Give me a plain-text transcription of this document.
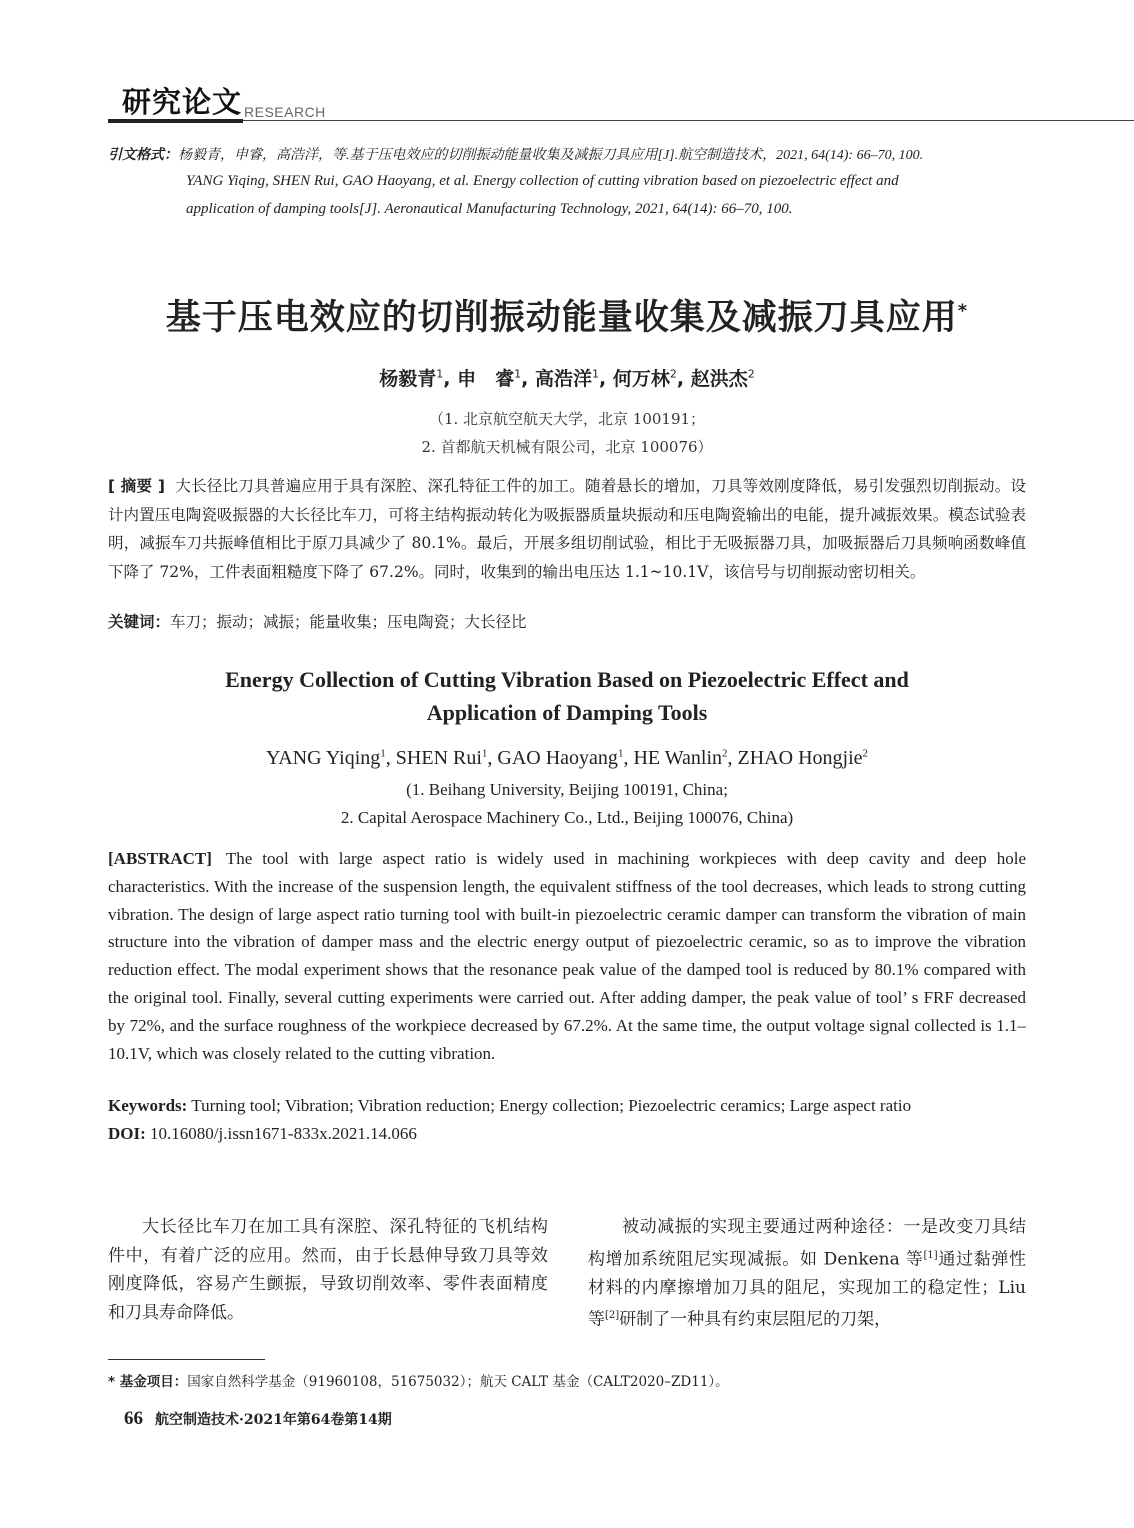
研究论文 RESEARCH
引文格式：杨毅青，申睿，高浩洋，等.基于压电效应的切削振动能量收集及减振刀具应用[J].航空制造技术，2021, 64(14): 66–70, 100.
YANG Yiqing, SHEN Rui, GAO Haoyang, et al. Energy collection of cutting vibration based on piezoelectric effect and
application of damping tools[J]. Aeronautical Manufacturing Technology, 2021, 64(14): 66–70, 100.
基于压电效应的切削振动能量收集及减振刀具应用*
杨毅青$^1$, 申　睿$^1$, 高浩洋$^1$, 何万林$^2$, 赵洪杰$^2$
（1. 北京航空航天大学，北京 100191；
2. 首都航天机械有限公司，北京 100076）
[ 摘要 ] 大长径比刀具普遍应用于具有深腔、深孔特征工件的加工。随着悬长的增加，刀具等效刚度降低，易引发强烈切削振动。设计内置压电陶瓷吸振器的大长径比车刀，可将主结构振动转化为吸振器质量块振动和压电陶瓷输出的电能，提升减振效果。模态试验表明，减振车刀共振峰值相比于原刀具减少了 80.1%。最后，开展多组切削试验，相比于无吸振器刀具，加吸振器后刀具频响函数峰值下降了 72%，工件表面粗糙度下降了 67.2%。同时，收集到的输出电压达 1.1~10.1V，该信号与切削振动密切相关。
关键词：车刀；振动；减振；能量收集；压电陶瓷；大长径比
Energy Collection of Cutting Vibration Based on Piezoelectric Effect and
Application of Damping Tools
YANG Yiqing$^1$, SHEN Rui$^1$, GAO Haoyang$^1$, HE Wanlin$^2$, ZHAO Hongjie$^2$
(1. Beihang University, Beijing 100191, China;
2. Capital Aerospace Machinery Co., Ltd., Beijing 100076, China)
[ABSTRACT] The tool with large aspect ratio is widely used in machining workpieces with deep cavity and deep hole characteristics. With the increase of the suspension length, the equivalent stiffness of the tool decreases, which leads to strong cutting vibration. The design of large aspect ratio turning tool with built-in piezoelectric ceramic damper can transform the vibration of main structure into the vibration of damper mass and the electric energy output of piezoelectric ceramic, so as to improve the vibration reduction effect. The modal experiment shows that the resonance peak value of the damped tool is reduced by 80.1% compared with the original tool. Finally, several cutting experiments were carried out. After adding damper, the peak value of tool’ s FRF decreased by 72%, and the surface roughness of the workpiece decreased by 67.2%. At the same time, the output voltage signal collected is 1.1–10.1V, which was closely related to the cutting vibration.
Keywords: Turning tool; Vibration; Vibration reduction; Energy collection; Piezoelectric ceramics; Large aspect ratio
DOI: 10.16080/j.issn1671-833x.2021.14.066
大长径比车刀在加工具有深腔、深孔特征的飞机结构件中，有着广泛的应用。然而，由于长悬伸导致刀具等效刚度降低，容易产生颤振，导致切削效率、零件表面精度和刀具寿命降低。
被动减振的实现主要通过两种途径：一是改变刀具结构增加系统阻尼实现减振。如 Denkena 等[1]通过黏弹性材料的内摩擦增加刀具的阻尼，实现加工的稳定性；Liu 等[2]研制了一种具有约束层阻尼的刀架，
* 基金项目：国家自然科学基金（91960108，51675032）；航天 CALT 基金（CALT2020–ZD11）。
66 航空制造技术·2021年第64卷第14期
